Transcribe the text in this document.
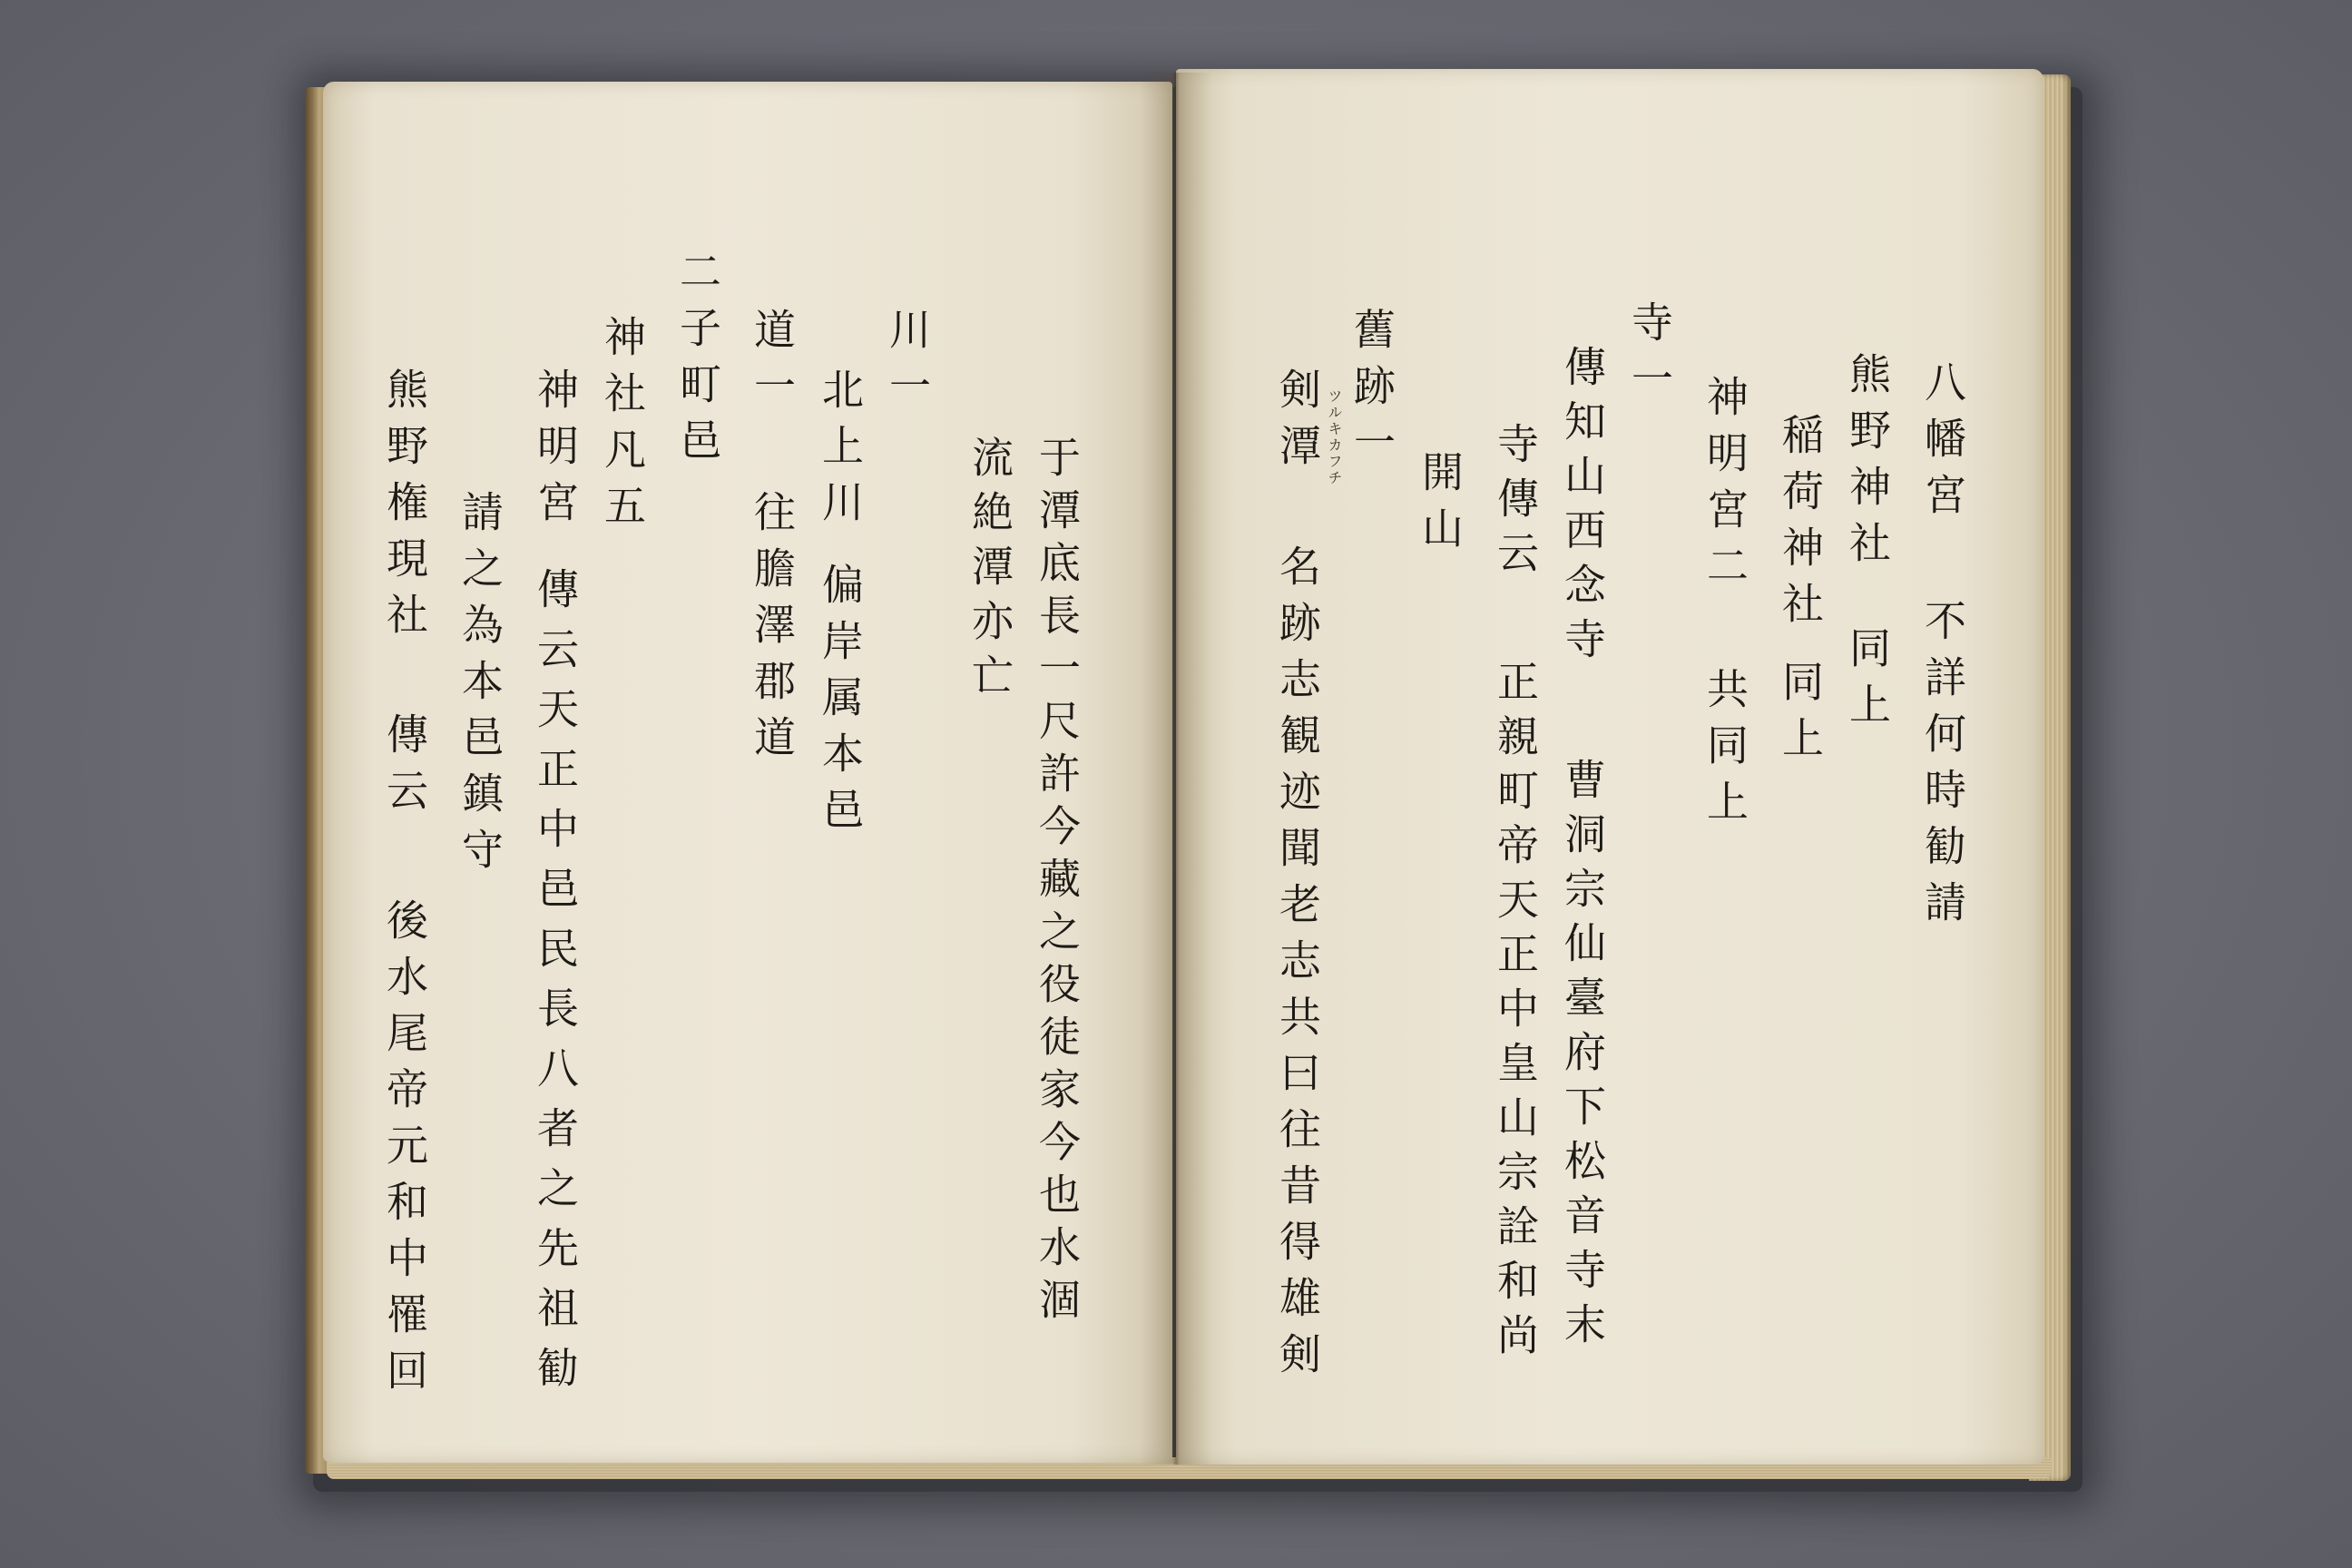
八幡宮
不詳何時勧請
熊野神社
同上
稲荷神社
同上
神明宮二
共同上
寺一
傳知山西念寺
曹洞宗仙臺府下松音寺末
寺傳云
正親町帝天正中皇山宗詮和尚
開山
舊跡一
剣潭 ツルキカフチ
名跡志観迹聞老志共曰往昔得雄剣
于潭底長一尺許今藏之役徒家今也水涸
流絶潭亦亡
川一
北上川
偏岸属本邑
道一
往膽澤郡道
二子町邑
神社凡五
神明宮
傳云天正中邑民長八者之先祖勧
請之為本邑鎮守
熊野権現社
傳云
後水尾帝元和中罹回
